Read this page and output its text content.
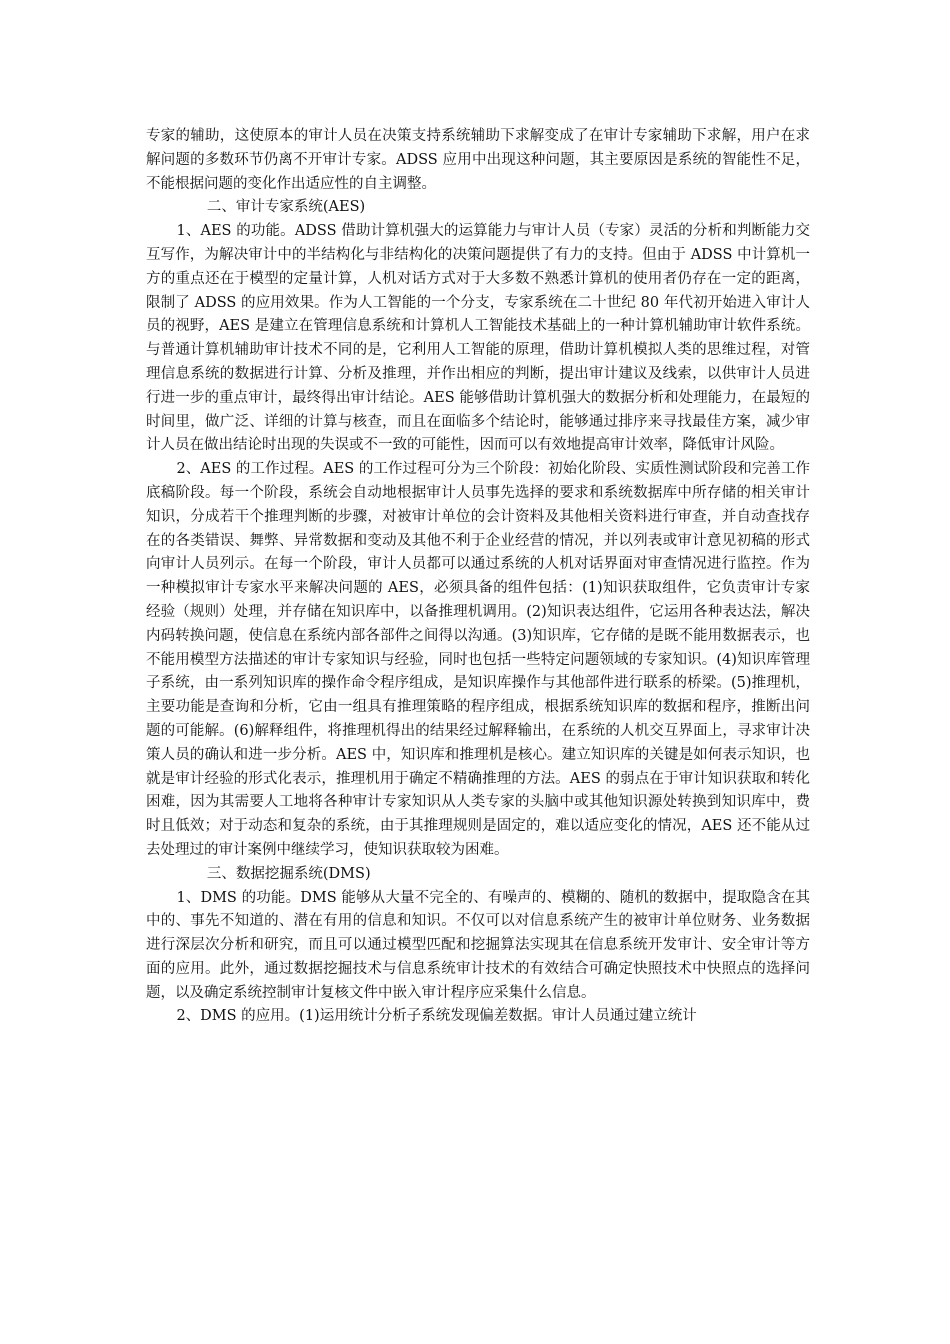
专家的辅助，这使原本的审计人员在决策支持系统辅助下求解变成了在审计专家辅助下求解，用户在求解问题的多数环节仍离不开审计专家。ADSS 应用中出现这种问题，其主要原因是系统的智能性不足，不能根据问题的变化作出适应性的自主调整。

二、审计专家系统(AES)

1、AES 的功能。ADSS 借助计算机强大的运算能力与审计人员（专家）灵活的分析和判断能力交互写作，为解决审计中的半结构化与非结构化的决策问题提供了有力的支持。但由于 ADSS 中计算机一方的重点还在于模型的定量计算，人机对话方式对于大多数不熟悉计算机的使用者仍存在一定的距离，限制了 ADSS 的应用效果。作为人工智能的一个分支，专家系统在二十世纪 80 年代初开始进入审计人员的视野，AES 是建立在管理信息系统和计算机人工智能技术基础上的一种计算机辅助审计软件系统。与普通计算机辅助审计技术不同的是，它利用人工智能的原理，借助计算机模拟人类的思维过程，对管理信息系统的数据进行计算、分析及推理，并作出相应的判断，提出审计建议及线索，以供审计人员进行进一步的重点审计，最终得出审计结论。AES 能够借助计算机强大的数据分析和处理能力，在最短的时间里，做广泛、详细的计算与核查，而且在面临多个结论时，能够通过排序来寻找最佳方案，减少审计人员在做出结论时出现的失误或不一致的可能性，因而可以有效地提高审计效率，降低审计风险。

2、AES 的工作过程。AES 的工作过程可分为三个阶段：初始化阶段、实质性测试阶段和完善工作底稿阶段。每一个阶段，系统会自动地根据审计人员事先选择的要求和系统数据库中所存储的相关审计知识，分成若干个推理判断的步骤，对被审计单位的会计资料及其他相关资料进行审查，并自动查找存在的各类错误、舞弊、异常数据和变动及其他不利于企业经营的情况，并以列表或审计意见初稿的形式向审计人员列示。在每一个阶段，审计人员都可以通过系统的人机对话界面对审查情况进行监控。作为一种模拟审计专家水平来解决问题的 AES，必须具备的组件包括：(1)知识获取组件，它负责审计专家经验（规则）处理，并存储在知识库中，以备推理机调用。(2)知识表达组件，它运用各种表达法，解决内码转换问题，使信息在系统内部各部件之间得以沟通。(3)知识库，它存储的是既不能用数据表示，也不能用模型方法描述的审计专家知识与经验，同时也包括一些特定问题领域的专家知识。(4)知识库管理子系统，由一系列知识库的操作命令程序组成，是知识库操作与其他部件进行联系的桥梁。(5)推理机，主要功能是查询和分析，它由一组具有推理策略的程序组成，根据系统知识库的数据和程序，推断出问题的可能解。(6)解释组件，将推理机得出的结果经过解释输出，在系统的人机交互界面上，寻求审计决策人员的确认和进一步分析。AES 中，知识库和推理机是核心。建立知识库的关键是如何表示知识，也就是审计经验的形式化表示，推理机用于确定不精确推理的方法。AES 的弱点在于审计知识获取和转化困难，因为其需要人工地将各种审计专家知识从人类专家的头脑中或其他知识源处转换到知识库中，费时且低效；对于动态和复杂的系统，由于其推理规则是固定的，难以适应变化的情况，AES 还不能从过去处理过的审计案例中继续学习，使知识获取较为困难。

三、数据挖掘系统(DMS)

1、DMS 的功能。DMS 能够从大量不完全的、有噪声的、模糊的、随机的数据中，提取隐含在其中的、事先不知道的、潜在有用的信息和知识。不仅可以对信息系统产生的被审计单位财务、业务数据进行深层次分析和研究，而且可以通过模型匹配和挖掘算法实现其在信息系统开发审计、安全审计等方面的应用。此外，通过数据挖掘技术与信息系统审计技术的有效结合可确定快照技术中快照点的选择问题，以及确定系统控制审计复核文件中嵌入审计程序应采集什么信息。

2、DMS 的应用。(1)运用统计分析子系统发现偏差数据。审计人员通过建立统计
